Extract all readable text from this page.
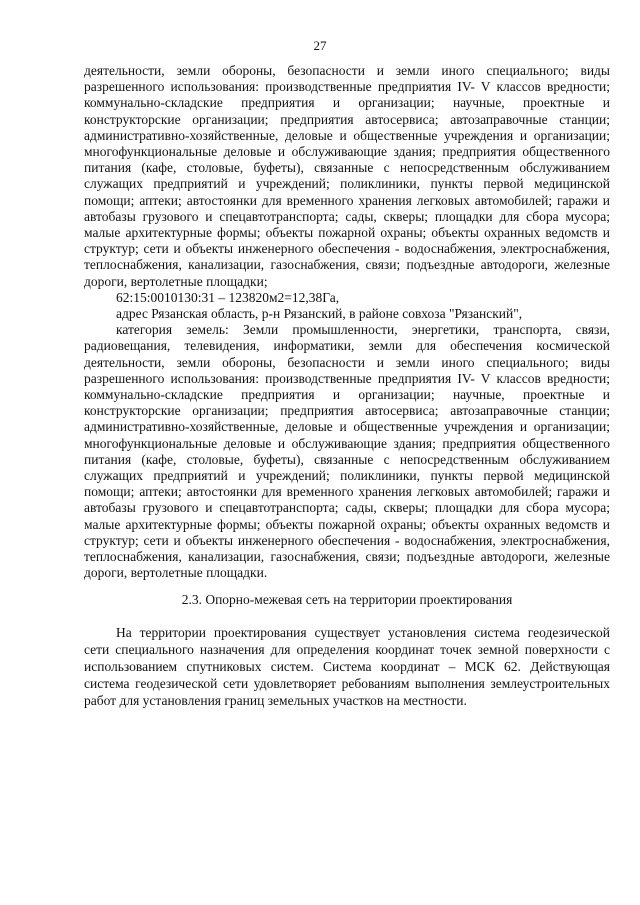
27

деятельности, земли обороны, безопасности и земли иного специального; виды разрешенного использования: производственные предприятия IV- V классов вредности; коммунально-складские предприятия и организации; научные, проектные и конструкторские организации; предприятия автосервиса; автозаправочные станции; административно-хозяйственные, деловые и общественные учреждения и организации; многофункциональные деловые и обслуживающие здания; предприятия общественного питания (кафе, столовые, буфеты), связанные с непосредственным обслуживанием служащих предприятий и учреждений; поликлиники, пункты первой медицинской помощи; аптеки; автостоянки для временного хранения легковых автомобилей; гаражи и автобазы грузового и спецавтотранспорта; сады, скверы; площадки для сбора мусора; малые архитектурные формы; объекты пожарной охраны; объекты охранных ведомств и структур; сети и объекты инженерного обеспечения - водоснабжения, электроснабжения, теплоснабжения, канализации, газоснабжения, связи; подъездные автодороги, железные дороги, вертолетные площадки;

62:15:0010130:31 – 123820м2=12,38Га,

адрес Рязанская область, р-н Рязанский, в районе совхоза "Рязанский",

категория земель: Земли промышленности, энергетики, транспорта, связи, радиовещания, телевидения, информатики, земли для обеспечения космической деятельности, земли обороны, безопасности и земли иного специального; виды разрешенного использования: производственные предприятия IV- V классов вредности; коммунально-складские предприятия и организации; научные, проектные и конструкторские организации; предприятия автосервиса; автозаправочные станции; административно-хозяйственные, деловые и общественные учреждения и организации; многофункциональные деловые и обслуживающие здания; предприятия общественного питания (кафе, столовые, буфеты), связанные с непосредственным обслуживанием служащих предприятий и учреждений; поликлиники, пункты первой медицинской помощи; аптеки; автостоянки для временного хранения легковых автомобилей; гаражи и автобазы грузового и спецавтотранспорта; сады, скверы; площадки для сбора мусора; малые архитектурные формы; объекты пожарной охраны; объекты охранных ведомств и структур; сети и объекты инженерного обеспечения - водоснабжения, электроснабжения, теплоснабжения, канализации, газоснабжения, связи; подъездные автодороги, железные дороги, вертолетные площадки.

2.3. Опорно-межевая сеть на территории проектирования

На территории проектирования существует установления система геодезической сети специального назначения для определения координат точек земной поверхности с использованием спутниковых систем. Система координат – МСК 62. Действующая система геодезической сети удовлетворяет ребованиям выполнения землеустроительных работ для установления границ земельных участков на местности.
